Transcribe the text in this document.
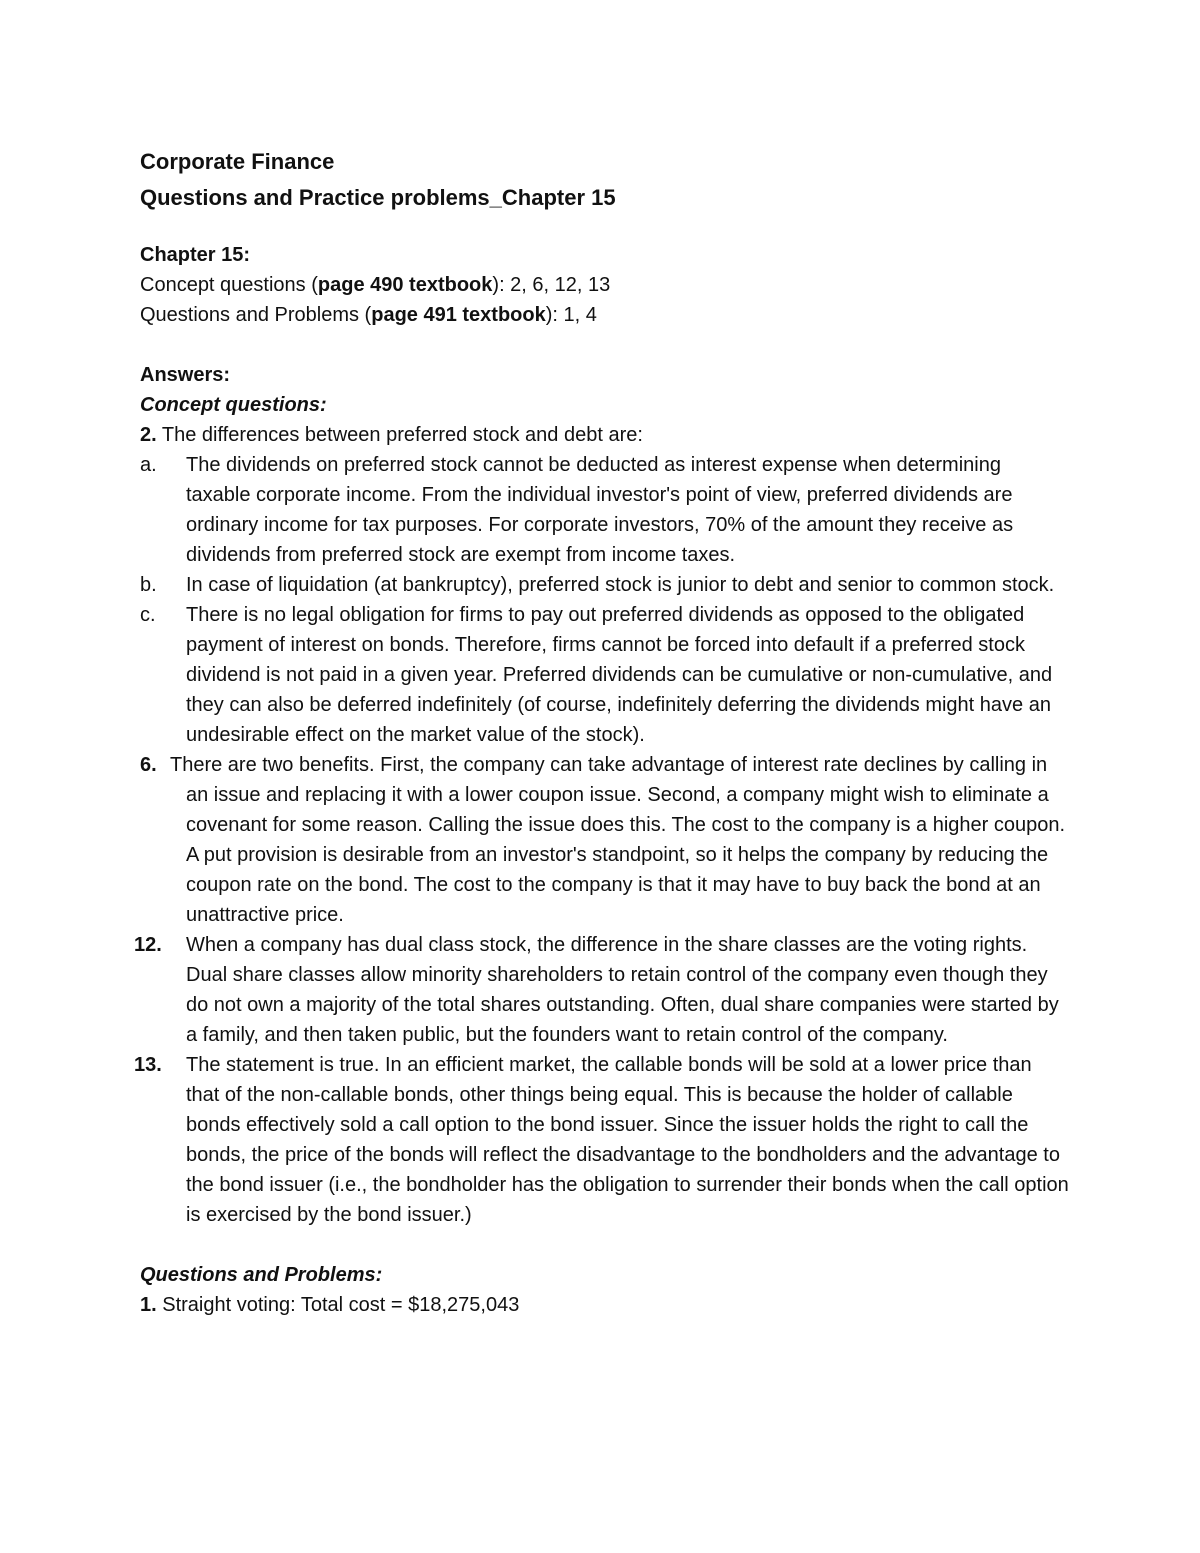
Corporate Finance

Questions and Practice problems_Chapter 15

Chapter 15:

Concept questions (page 490 textbook): 2, 6, 12, 13

Questions and Problems (page 491 textbook): 1, 4

Answers:

Concept questions:

2. The differences between preferred stock and debt are:

a.	The dividends on preferred stock cannot be deducted as interest expense when determining taxable corporate income. From the individual investor's point of view, preferred dividends are ordinary income for tax purposes. For corporate investors, 70% of the amount they receive as dividends from preferred stock are exempt from income taxes.

b.	In case of liquidation (at bankruptcy), preferred stock is junior to debt and senior to common stock.

c.	There is no legal obligation for firms to pay out preferred dividends as opposed to the obligated payment of interest on bonds. Therefore, firms cannot be forced into default if a preferred stock dividend is not paid in a given year. Preferred dividends can be cumulative or non-cumulative, and they can also be deferred indefinitely (of course, indefinitely deferring the dividends might have an undesirable effect on the market value of the stock).

6. There are two benefits. First, the company can take advantage of interest rate declines by calling in an issue and replacing it with a lower coupon issue. Second, a company might wish to eliminate a covenant for some reason. Calling the issue does this. The cost to the company is a higher coupon. A put provision is desirable from an investor's standpoint, so it helps the company by reducing the coupon rate on the bond. The cost to the company is that it may have to buy back the bond at an unattractive price.

12.	When a company has dual class stock, the difference in the share classes are the voting rights. Dual share classes allow minority shareholders to retain control of the company even though they do not own a majority of the total shares outstanding. Often, dual share companies were started by a family, and then taken public, but the founders want to retain control of the company.

13.	The statement is true. In an efficient market, the callable bonds will be sold at a lower price than that of the non-callable bonds, other things being equal. This is because the holder of callable bonds effectively sold a call option to the bond issuer. Since the issuer holds the right to call the bonds, the price of the bonds will reflect the disadvantage to the bondholders and the advantage to the bond issuer (i.e., the bondholder has the obligation to surrender their bonds when the call option is exercised by the bond issuer.)

Questions and Problems:

1. Straight voting: Total cost = $18,275,043
